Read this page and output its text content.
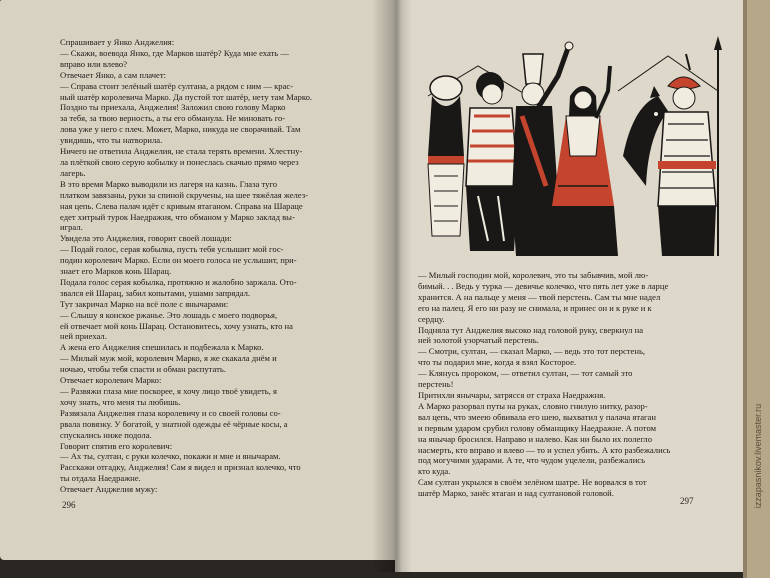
Спрашивает у Янко Анджелия:
— Скажи, воевода Янко, где Марков шатёр? Куда мне ехать —
вправо или влево?
Отвечает Янко, а сам плачет:
— Справа стоит зелёный шатёр султана, а рядом с ним — крас-
ный шатёр королевича Марко. Да пустой тот шатёр, нету там Марко.
Поздно ты приехала, Анджелия! Заложил свою голову Марко
за тебя, за твою верность, а ты его обманула. Не миновать го-
лова уже у него с плеч. Может, Марко, никуда не сворачивай. Там
увидишь, что ты натворила.
Ничего не ответила Анджелия, не стала терять времени. Хлестну-
ла плёткой свою серую кобылку и понеслась скачью прямо через
лагерь.
В это время Марко выводили из лагеря на казнь. Глаза туго
платком завязаны, руки за спиной скручены, на шее тяжёлая желез-
ная цепь. Слева палач идёт с кривым ятаганом. Справа на Шараце
едет хитрый турок Наедражня, что обманом у Марко заклад вы-
играл.
Увидела это Анджелия, говорит своей лошади:
— Подай голос, серая кобылка, пусть тебя услышит мой гос-
подин королевич Марко. Если он моего голоса не услышит, при-
знает его Марков конь Шарац.
Подала голос серая кобылка, протяжно и жалобно заржала. Ото-
звался ей Шарац, забил копытами, ушами запрядал.
Тут закричал Марко на всё поле с янычарами:
— Слышу я конское ржанье. Это лошадь с моего подворья,
ей отвечает мой конь Шарац. Остановитесь, хочу узнать, кто на
ней приехал.
А жена его Анджелия спешилась и подбежала к Марко.
— Милый муж мой, королевич Марко, я же скакала днём и
ночью, чтобы тебя спасти и обман распутать.
Отвечает королевич Марко:
— Развяжи глаза мне поскорее, я хочу лицо твоё увидеть, я
хочу знать, что меня ты любишь.
Развязала Анджелия глаза королевичу и со своей головы со-
рвала повязку. У богатой, у знатной одежды её чёрные косы, а
спускались ниже подола.
Говорит спятив его королевич:
— Ах ты, султан, с руки колечко, покажи и мне и янычарам.
Расскажи отгадку, Анджелия! Сам я видел и признал колечко, что
ты отдала Наедражне.
Отвечает Анджелия мужу:
296	297
— Милый господин мой, королевич, это ты забывчив, мой лю-
бимый. . . Ведь у турка — девичье колечко, что пять лет уже в ларце
хранится. А на пальце у меня — твой перстень. Сам ты мне надел
его на палец. Я его ни разу не снимала, и принес он и к руке и к
сердцу.
Подняла тут Анджелия высоко над головой руку, сверкнул на
ней золотой узорчатый перстень.
— Смотри, султан, — сказал Марко, — ведь это тот перстень,
что ты подарил мне, когда я взял Косторое.
— Клянусь пророком, — ответил султан, — тот самый это
перстень!
Притихли янычары, затрясся от страха Наедражня.
А Марко разорвал путы на руках, словно гнилую нитку, разор-
вал цепь, что змеею обвивала его шею, выхватил у палача ятаган
и первым ударом срубил голову обманщику Наедражне. А потом
на янычар бросился. Направо и налево. Как ни было их полегло
насмерть, кто вправо и влево — то и успел убить. А кто разбежались
под могучими ударами. А те, что чудом уцелели, разбежались
кто куда.
Сам султан укрылся в своём зелёном шатре. Не ворвался в тот
шатёр Марко, занёс ятаган и над султановой головой.	izzapasnikov.livemaster.ru
